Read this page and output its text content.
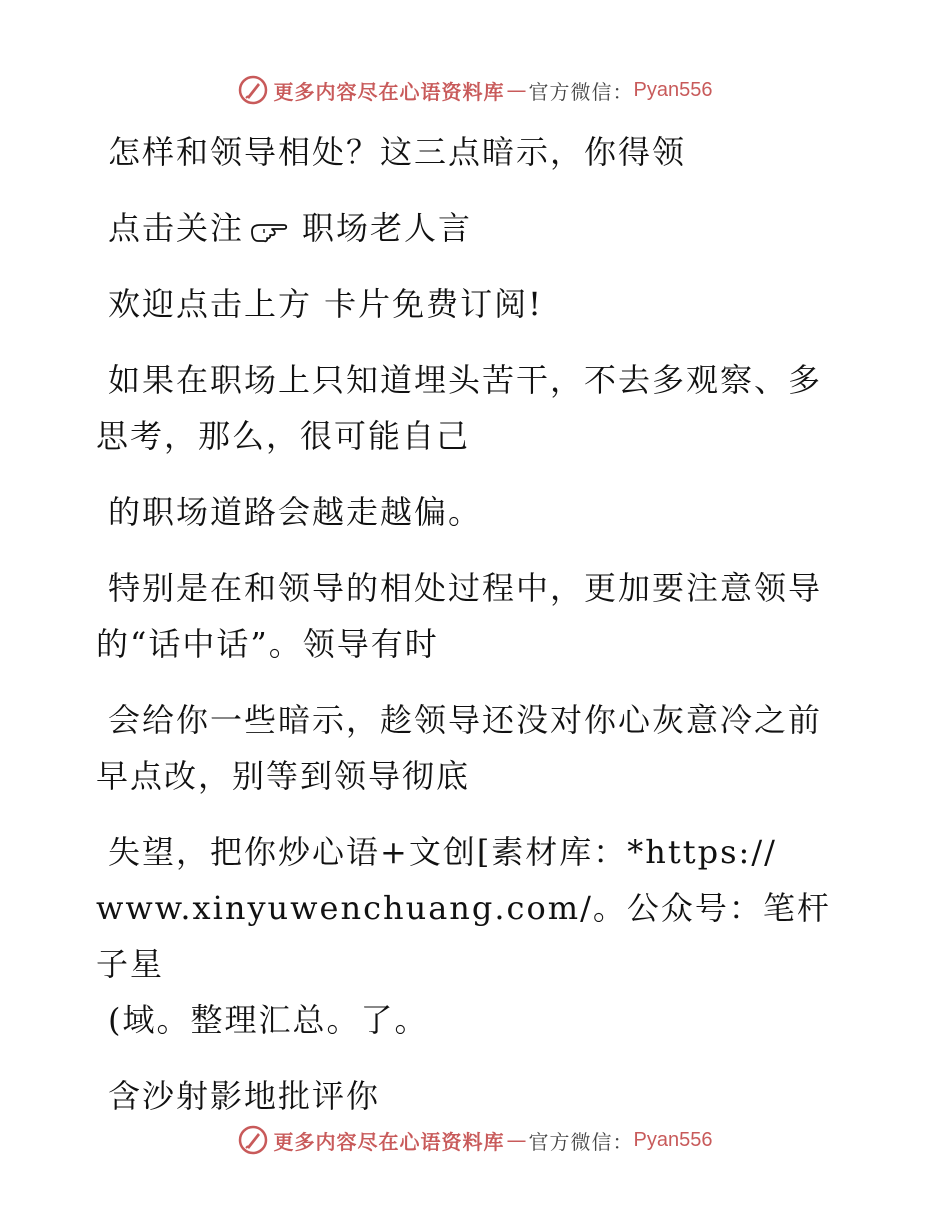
更多内容尽在心语资料库 — 官方微信： Pyan556

怎样和领导相处？这三点暗示，你得领

点击关注 职场老人言

欢迎点击上方 卡片免费订阅!

如果在职场上只知道埋头苦干，不去多观察、多
思考，那么，很可能自己

的职场道路会越走越偏。

特别是在和领导的相处过程中，更加要注意领导
的“话中话”。领导有时

会给你一些暗示，趁领导还没对你心灰意冷之前
早点改，别等到领导彻底

失望，把你炒心语+文创[素材库：*https://
www.xinyuwenchuang.com/。公众号：笔杆子星
(域。整理汇总。了。

含沙射影地批评你

更多内容尽在心语资料库 — 官方微信： Pyan556
